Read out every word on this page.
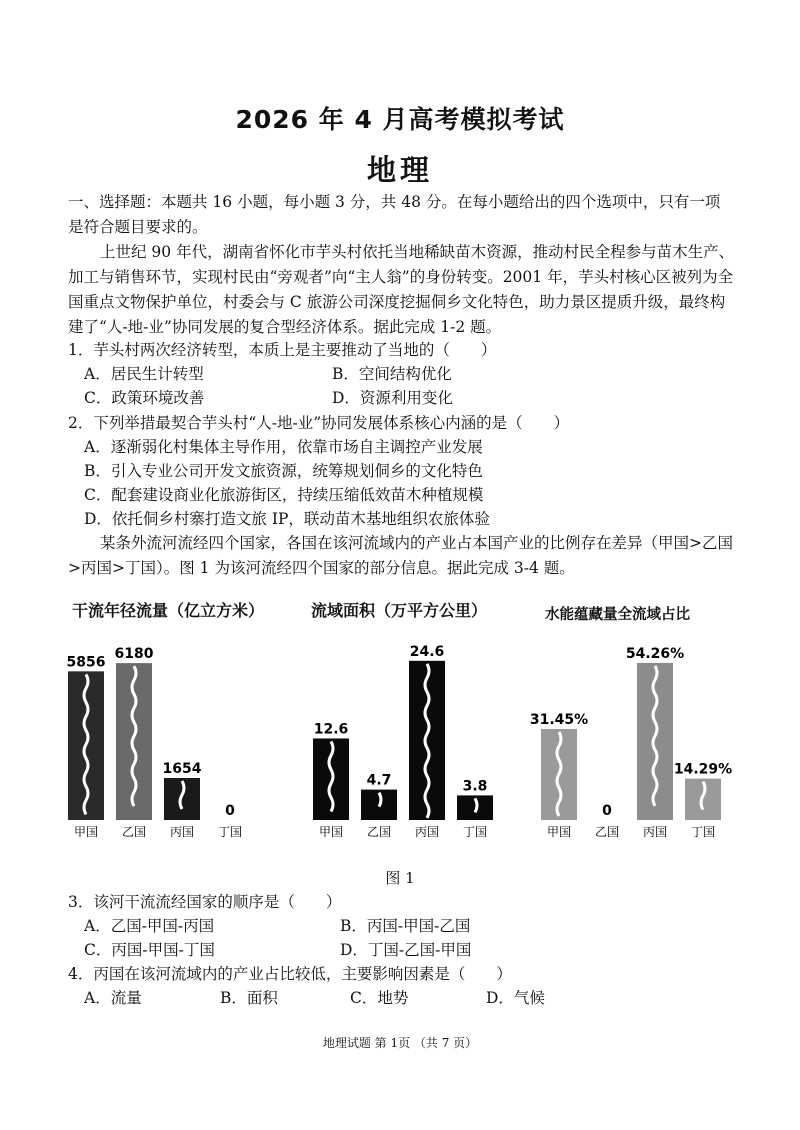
2026 年 4 月高考模拟考试
地理
一、选择题：本题共 16 小题，每小题 3 分，共 48 分。在每小题给出的四个选项中，只有一项
是符合题目要求的。

上世纪 90 年代，湖南省怀化市芋头村依托当地稀缺苗木资源，推动村民全程参与苗木生产、加工与销售环节，实现村民由“旁观者”向“主人翁”的身份转变。2001 年，芋头村核心区被列为全国重点文物保护单位，村委会与 C 旅游公司深度挖掘侗乡文化特色，助力景区提质升级，最终构建了“人-地-业”协同发展的复合型经济体系。据此完成 1-2 题。

1．芋头村两次经济转型，本质上是主要推动了当地的（　　）
A．居民生计转型	B．空间结构优化
C．政策环境改善	D．资源利用变化
2．下列举措最契合芋头村“人-地-业”协同发展体系核心内涵的是（　　）
A．逐渐弱化村集体主导作用，依靠市场自主调控产业发展
B．引入专业公司开发文旅资源，统筹规划侗乡的文化特色
C．配套建设商业化旅游街区，持续压缩低效苗木种植规模
D．依托侗乡村寨打造文旅 IP，联动苗木基地组织农旅体验

某条外流河流经四个国家，各国在该河流域内的产业占本国产业的比例存在差异（甲国>乙国>丙国>丁国）。图 1 为该河流经四个国家的部分信息。据此完成 3-4 题。

干流年径流量（亿立方米）	流域面积（万平方公里）	水能蕴藏量全流域占比
5856
甲国
6180
乙国
1654
丙国
0
丁国
12.6
甲国
4.7
乙国
24.6
丙国
3.8
丁国
31.45%
甲国
0
乙国
54.26%
丙国
14.29%
丁国
图 1
3．该河干流流经国家的顺序是（　　）
A．乙国-甲国-丙国	B．丙国-甲国-乙国
C．丙国-甲国-丁国	D．丁国-乙国-甲国
4．丙国在该河流域内的产业占比较低，主要影响因素是（　　）
A．流量	B．面积	C．地势	D．气候
地理试题 第 1页 （共 7 页）
